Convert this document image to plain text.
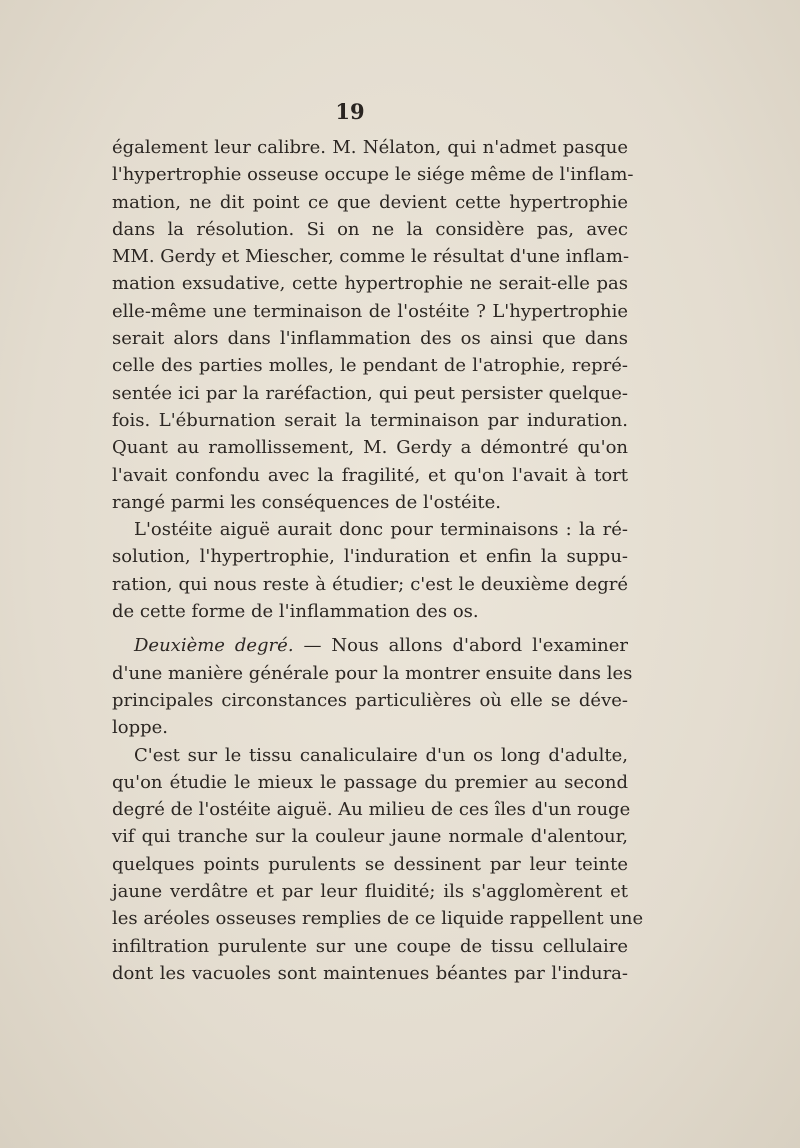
19
également leur calibre. M. Nélaton, qui n'admet pasque
l'hypertrophie osseuse occupe le siége même de l'inflam-
mation, ne dit point ce que devient cette hypertrophie
dans la résolution. Si on ne la considère pas, avec
MM. Gerdy et Miescher, comme le résultat d'une inflam-
mation exsudative, cette hypertrophie ne serait-elle pas
elle-même une terminaison de l'ostéite ? L'hypertrophie
serait alors dans l'inflammation des os ainsi que dans
celle des parties molles, le pendant de l'atrophie, repré-
sentée ici par la raréfaction, qui peut persister quelque-
fois. L'éburnation serait la terminaison par induration.
Quant au ramollissement, M. Gerdy a démontré qu'on
l'avait confondu avec la fragilité, et qu'on l'avait à tort
rangé parmi les conséquences de l'ostéite.
L'ostéite aiguë aurait donc pour terminaisons : la ré-
solution, l'hypertrophie, l'induration et enfin la suppu-
ration, qui nous reste à étudier; c'est le deuxième degré
de cette forme de l'inflammation des os.
Deuxième degré. — Nous allons d'abord l'examiner
d'une manière générale pour la montrer ensuite dans les
principales circonstances particulières où elle se déve-
loppe.
C'est sur le tissu canaliculaire d'un os long d'adulte,
qu'on étudie le mieux le passage du premier au second
degré de l'ostéite aiguë. Au milieu de ces îles d'un rouge
vif qui tranche sur la couleur jaune normale d'alentour,
quelques points purulents se dessinent par leur teinte
jaune verdâtre et par leur fluidité; ils s'agglomèrent et
les aréoles osseuses remplies de ce liquide rappellent une
infiltration purulente sur une coupe de tissu cellulaire
dont les vacuoles sont maintenues béantes par l'indura-
